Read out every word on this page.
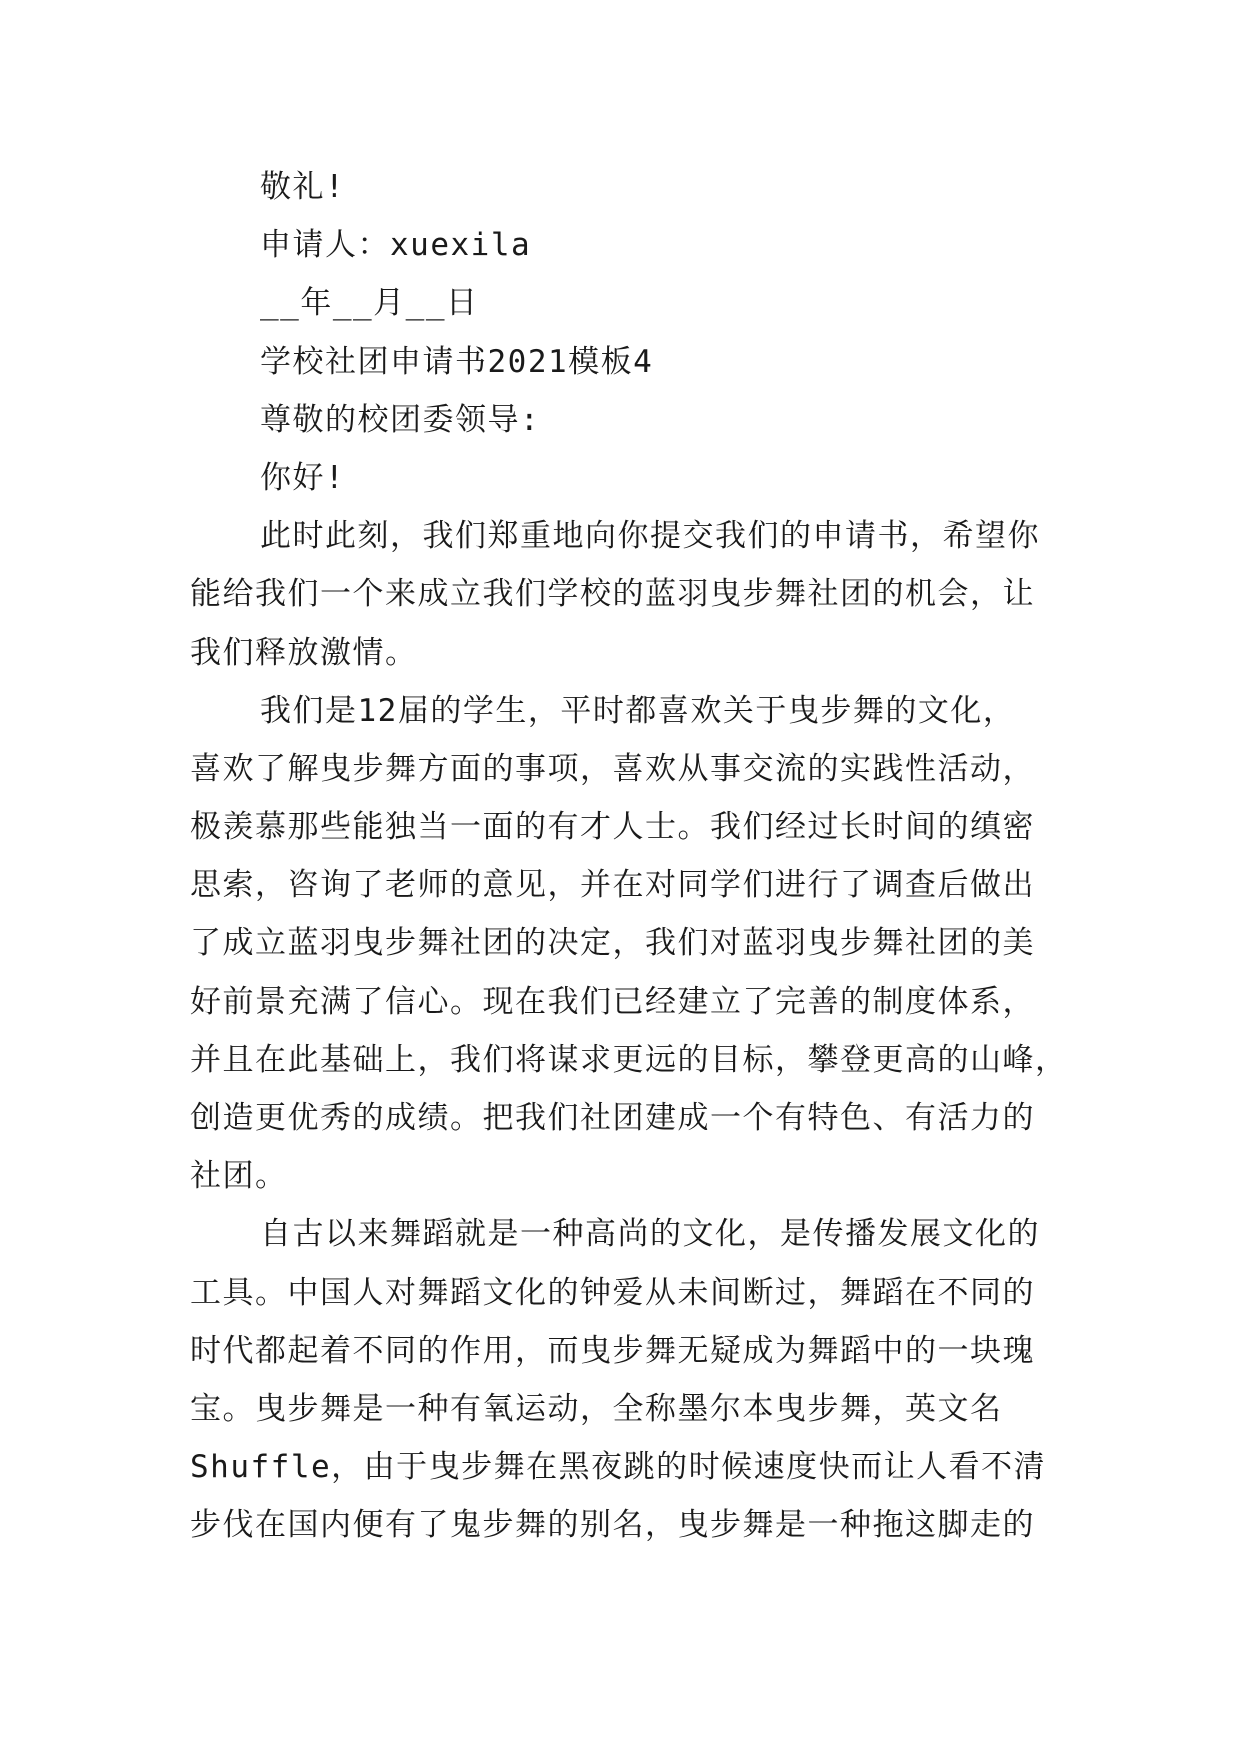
敬礼!
申请人：xuexila
__年__月__日
学校社团申请书2021模板4
尊敬的校团委领导:
你好!
此时此刻，我们郑重地向你提交我们的申请书，希望你
能给我们一个来成立我们学校的蓝羽曳步舞社团的机会，让
我们释放激情。
我们是12届的学生，平时都喜欢关于曳步舞的文化，
喜欢了解曳步舞方面的事项，喜欢从事交流的实践性活动，
极羡慕那些能独当一面的有才人士。我们经过长时间的缜密
思索，咨询了老师的意见，并在对同学们进行了调查后做出
了成立蓝羽曳步舞社团的决定，我们对蓝羽曳步舞社团的美
好前景充满了信心。现在我们已经建立了完善的制度体系，
并且在此基础上，我们将谋求更远的目标，攀登更高的山峰，
创造更优秀的成绩。把我们社团建成一个有特色、有活力的
社团。
自古以来舞蹈就是一种高尚的文化，是传播发展文化的
工具。中国人对舞蹈文化的钟爱从未间断过，舞蹈在不同的
时代都起着不同的作用，而曳步舞无疑成为舞蹈中的一块瑰
宝。曳步舞是一种有氧运动，全称墨尔本曳步舞，英文名
Shuffle，由于曳步舞在黑夜跳的时候速度快而让人看不清
步伐在国内便有了鬼步舞的别名，曳步舞是一种拖这脚走的
